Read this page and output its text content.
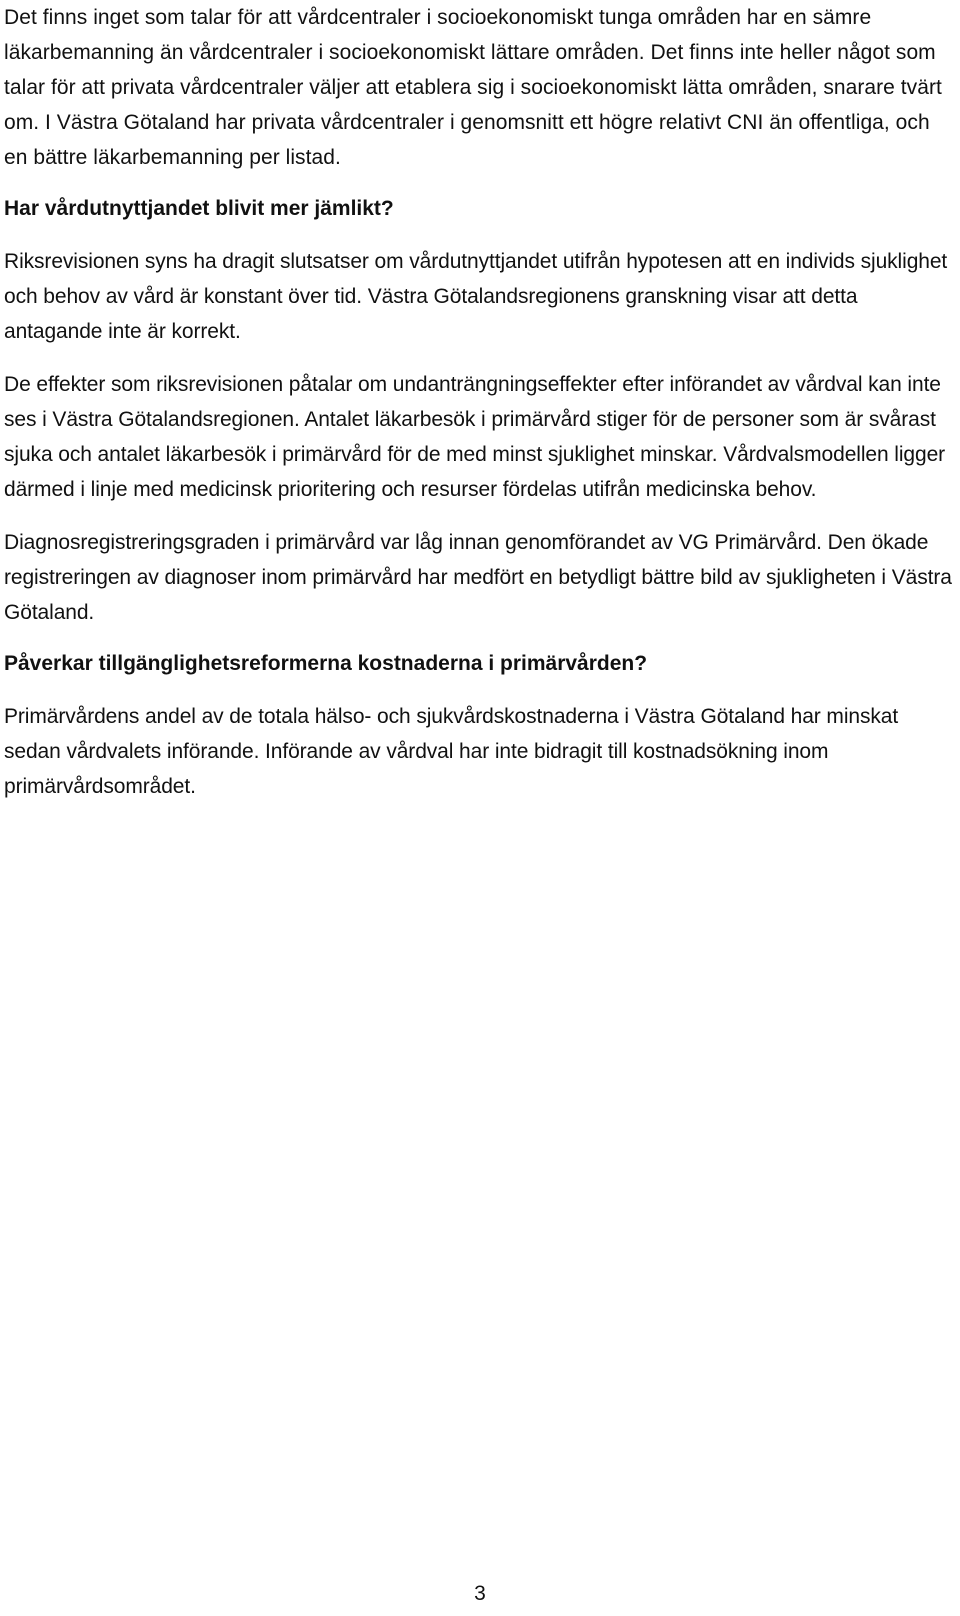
Det finns inget som talar för att vårdcentraler i socioekonomiskt tunga områden har en sämre läkarbemanning än vårdcentraler i socioekonomiskt lättare områden. Det finns inte heller något som talar för att privata vårdcentraler väljer att etablera sig i socioekonomiskt lätta områden, snarare tvärt om. I Västra Götaland har privata vårdcentraler i genomsnitt ett högre relativt CNI än offentliga, och en bättre läkarbemanning per listad.

Har vårdutnyttjandet blivit mer jämlikt?

Riksrevisionen syns ha dragit slutsatser om vårdutnyttjandet utifrån hypotesen att en individs sjuklighet och behov av vård är konstant över tid. Västra Götalandsregionens granskning visar att detta antagande inte är korrekt.

De effekter som riksrevisionen påtalar om undanträngningseffekter efter införandet av vårdval kan inte ses i Västra Götalandsregionen. Antalet läkarbesök i primärvård stiger för de personer som är svårast sjuka och antalet läkarbesök i primärvård för de med minst sjuklighet minskar. Vårdvalsmodellen ligger därmed i linje med medicinsk prioritering och resurser fördelas utifrån medicinska behov.

Diagnosregistreringsgraden i primärvård var låg innan genomförandet av VG Primärvård. Den ökade registreringen av diagnoser inom primärvård har medfört en betydligt bättre bild av sjukligheten i Västra Götaland.

Påverkar tillgänglighetsreformerna kostnaderna i primärvården?

Primärvårdens andel av de totala hälso- och sjukvårdskostnaderna i Västra Götaland har minskat sedan vårdvalets införande. Införande av vårdval har inte bidragit till kostnadsökning inom primärvårdsområdet.

3
